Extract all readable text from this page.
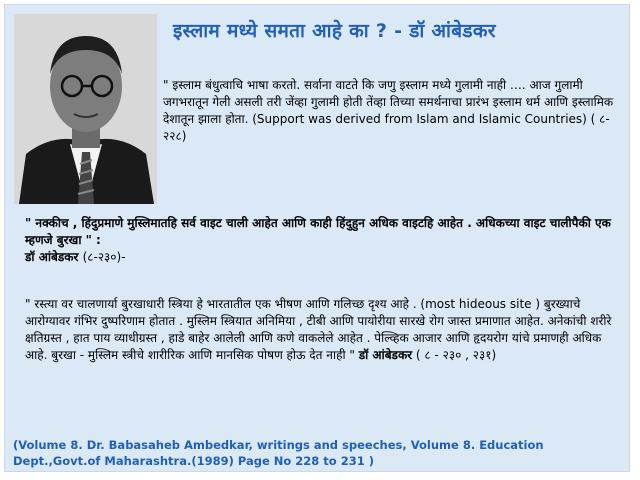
इस्लाम मध्ये समता आहे का ? - डॉ आंबेडकर
" इस्लाम बंधुत्वाचि भाषा करतो. सर्वाना वाटते कि जणु इस्लाम मध्ये गुलामी नाही …. आज गुलामी जगभरातून गेली असली तरी जेंव्हा गुलामी होती तेंव्हा तिच्या समर्थनाचा प्रारंभ इस्लाम धर्म आणि इस्लामिक देशातून झाला होता. (Support was derived from Islam and Islamic Countries) ( ८- २२८)
" नक्कीच , हिंदुप्रमाणे मुस्लिमातहि सर्व वाइट चाली आहेत आणि काही हिंदुहुन अधिक वाइटहि आहेत . अधिकच्या वाइट चालीपैकी एक म्हणजे बुरखा " :
डॉ आंबेडकर (८-२३०)-
" रस्त्या वर चालणार्या बुरखाधारी स्त्रिया हे भारतातील एक भीषण आणि गलिच्छ दृश्य आहे . (most hideous site ) बुरख्याचे आरोग्यावर गंभिर दुष्परिणाम होतात . मुस्लिम स्त्रियात अनिमिया , टीबी आणि पायोरीया सारखे रोग जास्त प्रमाणात आहेत. अनेकांची शरीरे क्षतिग्रस्त , हात पाय व्याधीग्रस्त , हाडे बाहेर आलेली आणि कणे वाकलेले आहेत . पेल्व्हिक आजार आणि हृदयरोग यांचे प्रमाणही अधिक आहे. बुरखा - मुस्लिम स्त्रीचे शारीरिक आणि मानसिक पोषण होऊ देत नाही " डॉ आंबेडकर ( ८ - २३० , २३१)
(Volume 8. Dr. Babasaheb Ambedkar, writings and speeches, Volume 8. Education Dept.,Govt.of Maharashtra.(1989) Page No 228 to 231 )
